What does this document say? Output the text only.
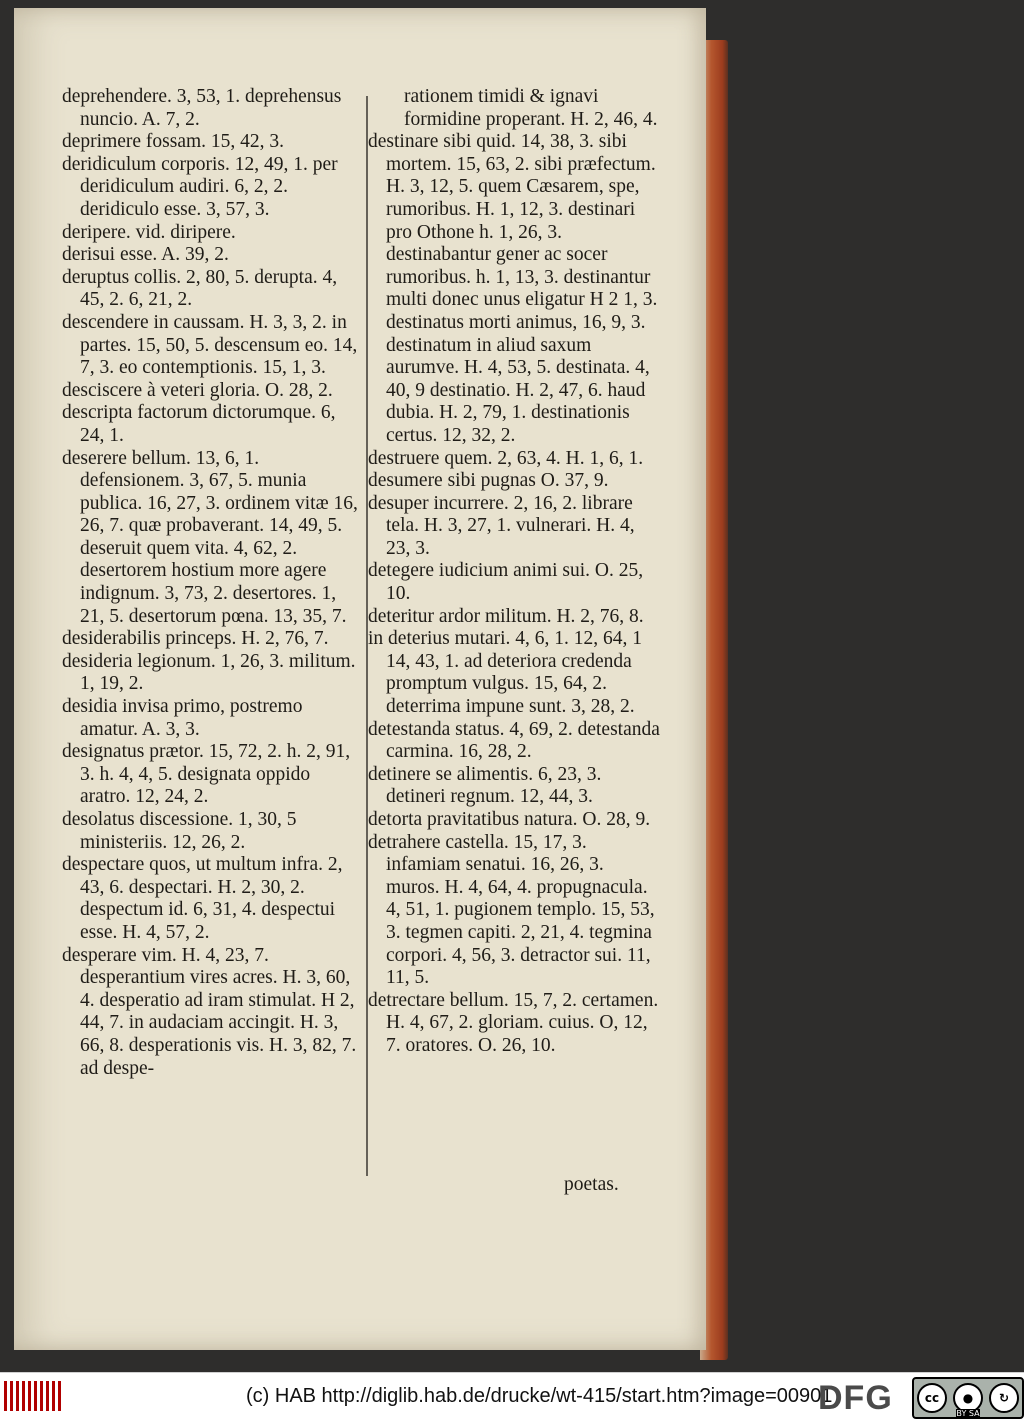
deprehendere. 3, 53, 1. deprehensus nuncio. A. 7, 2.

deprimere fossam. 15, 42, 3.

deridiculum corporis. 12, 49, 1. per deridiculum audiri. 6, 2, 2. deridiculo esse. 3, 57, 3.

deripere. vid. diripere.

derisui esse. A. 39, 2.

deruptus collis. 2, 80, 5. derupta. 4, 45, 2. 6, 21, 2.

descendere in caussam. H. 3, 3, 2. in partes. 15, 50, 5. descensum eo. 14, 7, 3. eo contemptionis. 15, 1, 3.

desciscere à veteri gloria. O. 28, 2.

descripta factorum dictorumque. 6, 24, 1.

deserere bellum. 13, 6, 1. defensionem. 3, 67, 5. munia publica. 16, 27, 3. ordinem vitæ 16, 26, 7. quæ probaverant. 14, 49, 5. deseruit quem vita. 4, 62, 2. desertorem hostium more agere indignum. 3, 73, 2. desertores. 1, 21, 5. desertorum pœna. 13, 35, 7.

desiderabilis princeps. H. 2, 76, 7.

desideria legionum. 1, 26, 3. militum. 1, 19, 2.

desidia invisa primo, postremo amatur. A. 3, 3.

designatus prætor. 15, 72, 2. h. 2, 91, 3. h. 4, 4, 5. designata oppido aratro. 12, 24, 2.

desolatus discessione. 1, 30, 5 ministeriis. 12, 26, 2.

despectare quos, ut multum infra. 2, 43, 6. despectari. H. 2, 30, 2. despectum id. 6, 31, 4. despectui esse. H. 4, 57, 2.

desperare vim. H. 4, 23, 7. desperantium vires acres. H. 3, 60, 4. desperatio ad iram stimulat. H 2, 44, 7. in audaciam accingit. H. 3, 66, 8. desperationis vis. H. 3, 82, 7. ad despe-

rationem timidi & ignavi formidine properant. H. 2, 46, 4.

destinare sibi quid. 14, 38, 3. sibi mortem. 15, 63, 2. sibi præfectum. H. 3, 12, 5. quem Cæsarem, spe, rumoribus. H. 1, 12, 3. destinari pro Othone h. 1, 26, 3. destinabantur gener ac socer rumoribus. h. 1, 13, 3. destinantur multi donec unus eligatur H 2 1, 3. destinatus morti animus, 16, 9, 3. destinatum in aliud saxum aurumve. H. 4, 53, 5. destinata. 4, 40, 9 destinatio. H. 2, 47, 6. haud dubia. H. 2, 79, 1. destinationis certus. 12, 32, 2.

destruere quem. 2, 63, 4. H. 1, 6, 1.

desumere sibi pugnas O. 37, 9.

desuper incurrere. 2, 16, 2. librare tela. H. 3, 27, 1. vulnerari. H. 4, 23, 3.

detegere iudicium animi sui. O. 25, 10.

deteritur ardor militum. H. 2, 76, 8.

in deterius mutari. 4, 6, 1. 12, 64, 1 14, 43, 1. ad deteriora credenda promptum vulgus. 15, 64, 2. deterrima impune sunt. 3, 28, 2.

detestanda status. 4, 69, 2. detestanda carmina. 16, 28, 2.

detinere se alimentis. 6, 23, 3. detineri regnum. 12, 44, 3.

detorta pravitatibus natura. O. 28, 9.

detrahere castella. 15, 17, 3. infamiam senatui. 16, 26, 3. muros. H. 4, 64, 4. propugnacula. 4, 51, 1. pugionem templo. 15, 53, 3. tegmen capiti. 2, 21, 4. tegmina corpori. 4, 56, 3. detractor sui. 11, 11, 5.

detrectare bellum. 15, 7, 2. certamen. H. 4, 67, 2. gloriam. cuius. O, 12, 7. oratores. O. 26, 10.

poetas.
(c) HAB http://diglib.hab.de/drucke/wt-415/start.htm?image=00901
DFG	cc	●	↻
BY SA
